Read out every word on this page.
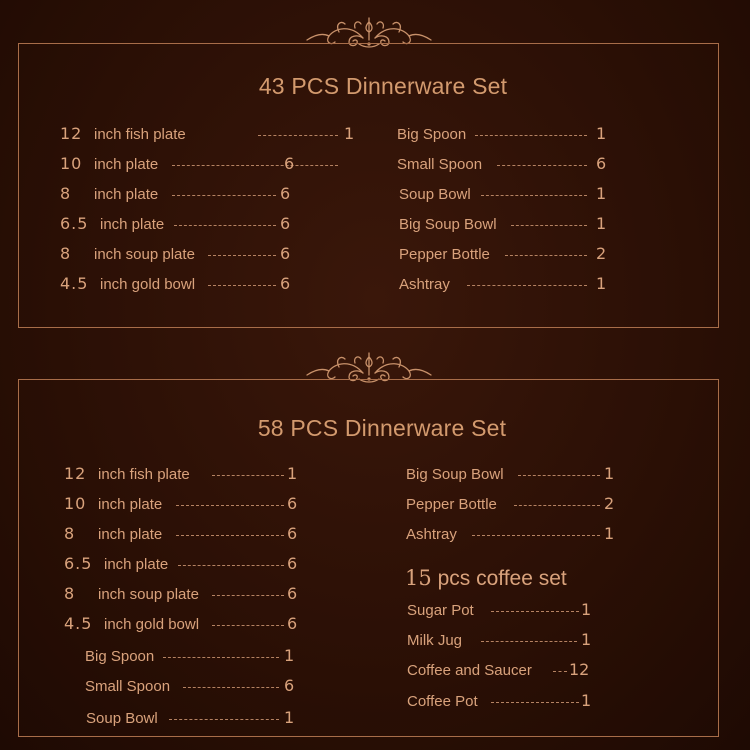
43 PCS Dinnerware Set
58 PCS Dinnerware Set
12 inch fish plate	1
10 inch plate	6
8 inch plate	6
6.5 inch plate	6
8 inch soup plate	6
4.5 inch gold bowl	6
Big Spoon	1
Small Spoon	6
Soup Bowl	1
Big Soup Bowl	1
Pepper Bottle	2
Ashtray	1
12 inch fish plate	1
10 inch plate	6
8 inch plate	6
6.5 inch plate	6
8 inch soup plate	6
4.5 inch gold bowl	6
Big Spoon	1
Small Spoon	6
Soup Bowl	1
Big Soup Bowl	1
Pepper Bottle	2
Ashtray	1
15 pcs coffee set
Sugar Pot	1
Milk Jug	1
Coffee and Saucer 12
Coffee Pot	1
